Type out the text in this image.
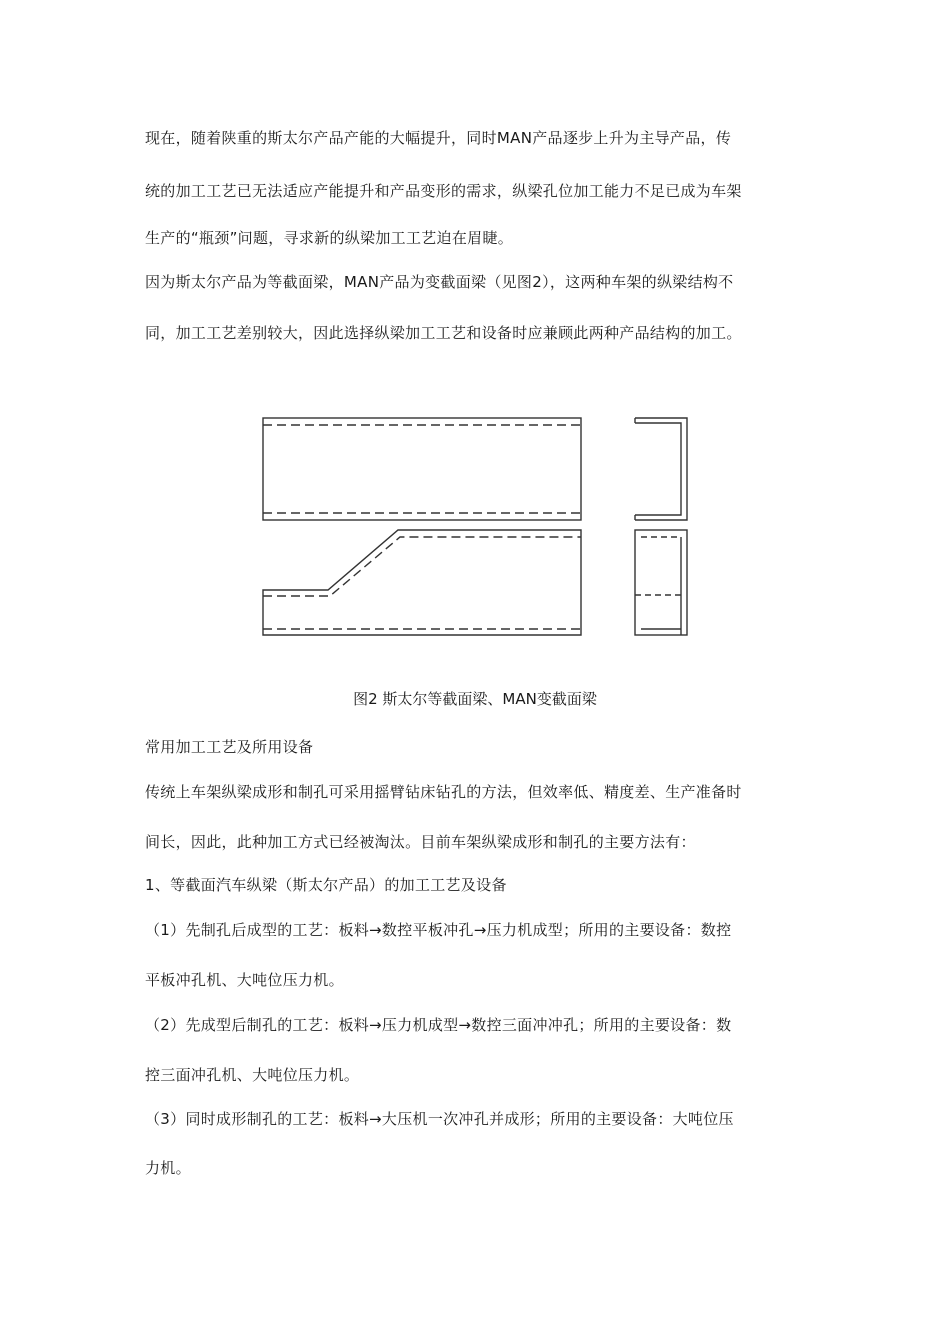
现在，随着陕重的斯太尔产品产能的大幅提升，同时MAN产品逐步上升为主导产品，传
统的加工工艺已无法适应产能提升和产品变形的需求，纵梁孔位加工能力不足已成为车架
生产的“瓶颈”问题，寻求新的纵梁加工工艺迫在眉睫。
因为斯太尔产品为等截面梁，MAN产品为变截面梁（见图2），这两种车架的纵梁结构不
同，加工工艺差别较大，因此选择纵梁加工工艺和设备时应兼顾此两种产品结构的加工。
图2 斯太尔等截面梁、MAN变截面梁
常用加工工艺及所用设备
传统上车架纵梁成形和制孔可采用摇臂钻床钻孔的方法，但效率低、精度差、生产准备时
间长，因此，此种加工方式已经被淘汰。目前车架纵梁成形和制孔的主要方法有：
1、等截面汽车纵梁（斯太尔产品）的加工工艺及设备
（1）先制孔后成型的工艺：板料→数控平板冲孔→压力机成型；所用的主要设备：数控
平板冲孔机、大吨位压力机。
（2）先成型后制孔的工艺：板料→压力机成型→数控三面冲冲孔；所用的主要设备：数
控三面冲孔机、大吨位压力机。
（3）同时成形制孔的工艺：板料→大压机一次冲孔并成形；所用的主要设备：大吨位压
力机。
